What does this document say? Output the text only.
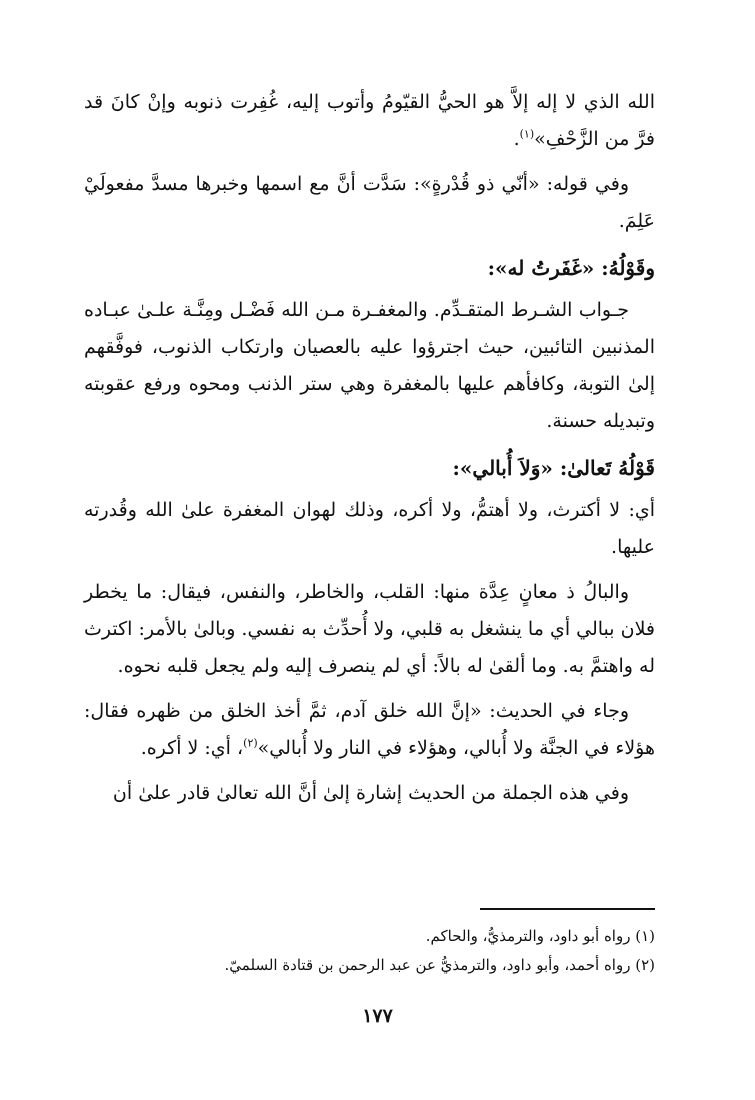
الله الذي لا إله إلاَّ هو الحيُّ القيّومُ وأتوب إليه، غُفِرت ذنوبه وإنْ كانَ قد فرَّ من الزَّحْفِ»$^{(١)}$.

وفي قوله: «أنّي ذو قُدْرةٍ»: سَدَّت أنَّ مع اسمها وخبرها مسدَّ مفعولَيْ عَلِمَ.

وقَوْلُهُ: «غَفَرتُ له»:

جـواب الشـرط المتقـدِّم. والمغفـرة مـن الله فَضْـل ومِنَّـة علـىٰ عبـاده المذنبين التائبين، حيث اجترؤوا عليه بالعصيان وارتكاب الذنوب، فوفَّقهم إلىٰ التوبة، وكافأهم عليها بالمغفرة وهي ستر الذنب ومحوه ورفع عقوبته وتبديله حسنة.

قَوْلُهُ تَعالىٰ: «وَلاَ أُبالي»:

أي: لا أكترث، ولا أهتمُّ، ولا أكره، وذلك لهوان المغفرة علىٰ الله وقُدرته عليها.

والبالُ ذ معانٍ عِدَّة منها: القلب، والخاطر، والنفس، فيقال: ما يخطر فلان ببالي أي ما ينشغل به قلبي، ولا أُحدِّث به نفسي. وبالىٰ بالأمر: اكترث له واهتمَّ به. وما ألقىٰ له بالاً: أي لم ينصرف إليه ولم يجعل قلبه نحوه.

وجاء في الحديث: «إنَّ الله خلق آدم، ثمَّ أخذ الخلق من ظهره فقال: هؤلاء في الجنَّة ولا أُبالي، وهؤلاء في النار ولا أُبالي»$^{(٢)}$، أي: لا أكره.

وفي هذه الجملة من الحديث إشارة إلىٰ أنَّ الله تعالىٰ قادر علىٰ أن

(١) رواه أبو داود، والترمذيُّ، والحاكم.

(٢) رواه أحمد، وأبو داود، والترمذيُّ عن عبد الرحمن بن قتادة السلميّ.

١٧٧
